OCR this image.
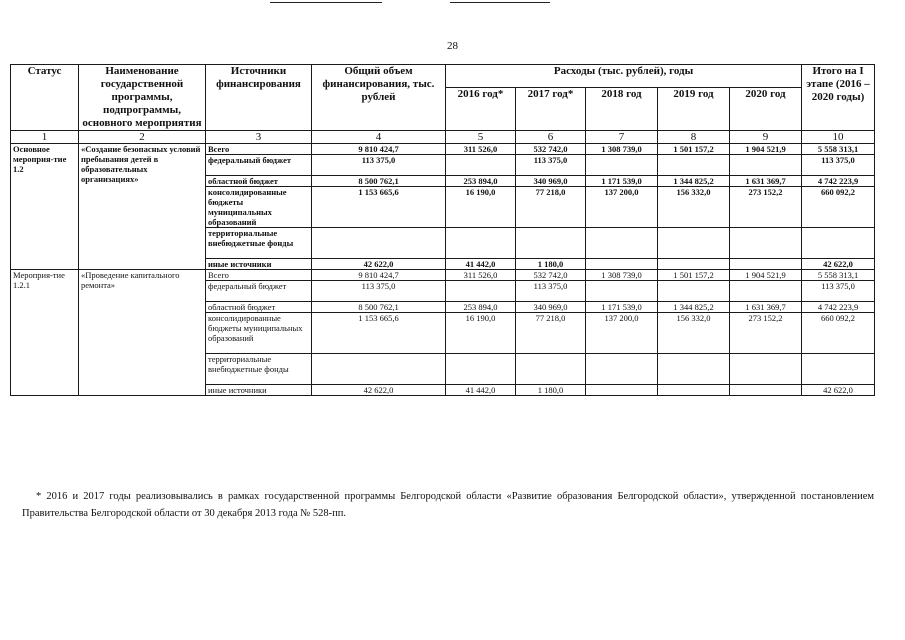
28
Статус	Наименование государственной программы, подпрограммы, основного мероприятия	Источники финансирования	Общий объем финансирования, тыс. рублей	Расходы (тыс. рублей), годы					Итого на I этапе (2016 – 2020 годы)
				2016 год*	2017 год*	2018 год	2019 год	2020 год	
1	2	3	4	5	6	7	8	9	10
Основное мероприя-тие 1.2	«Создание безопасных условий пребывания детей в образовательных организациях»	Всего	9 810 424,7	311 526,0	532 742,0	1 308 739,0	1 501 157,2	1 904 521,9	5 558 313,1
		федеральный бюджет	113 375,0		113 375,0				113 375,0
		областной бюджет	8 500 762,1	253 894,0	340 969,0	1 171 539,0	1 344 825,2	1 631 369,7	4 742 223,9
		консолидированные бюджеты муниципальных образований	1 153 665,6	16 190,0	77 218,0	137 200,0	156 332,0	273 152,2	660 092,2
		территориальные внебюджетные фонды							
		иные источники	42 622,0	41 442,0	1 180,0				42 622,0
Мероприя-тие 1.2.1	«Проведение капитального ремонта»	Всего	9 810 424,7	311 526,0	532 742,0	1 308 739,0	1 501 157,2	1 904 521,9	5 558 313,1
		федеральный бюджет	113 375,0		113 375,0				113 375,0
		областной бюджет	8 500 762,1	253 894,0	340 969,0	1 171 539,0	1 344 825,2	1 631 369,7	4 742 223,9
		консолидированные бюджеты муниципальных образований	1 153 665,6	16 190,0	77 218,0	137 200,0	156 332,0	273 152,2	660 092,2
		территориальные внебюджетные фонды							
		иные источники	42 622,0	41 442,0	1 180,0				42 622,0
* 2016 и 2017 годы реализовывались в рамках государственной программы Белгородской области «Развитие образования Белгородской области», утвержденной постановлением Правительства Белгородской области от 30 декабря 2013 года № 528-пп.
